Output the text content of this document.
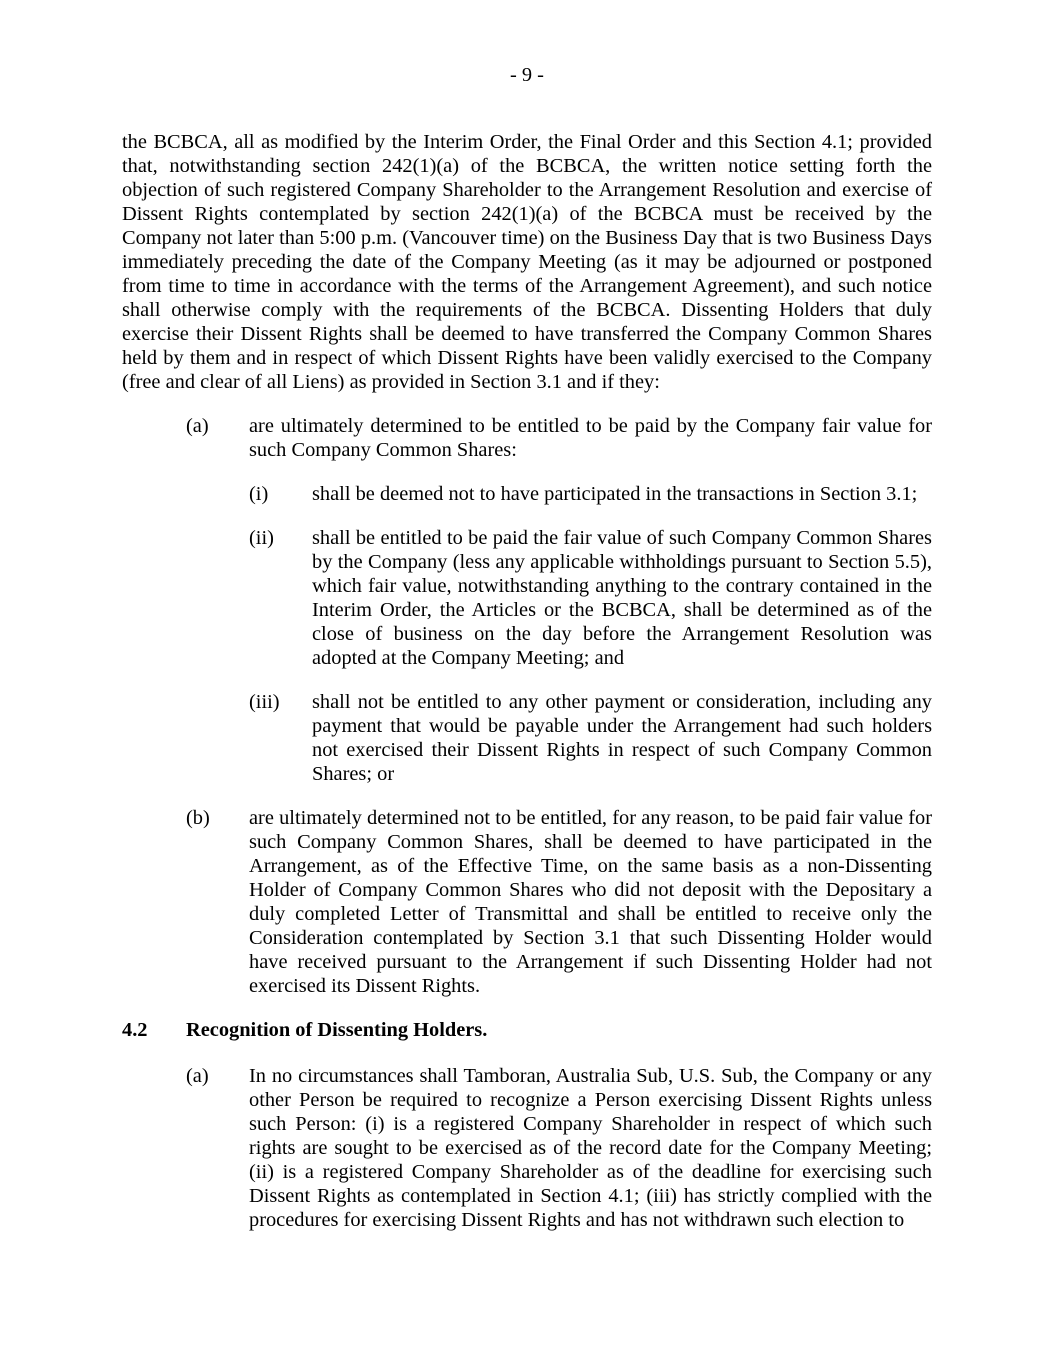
- 9 -

the BCBCA, all as modified by the Interim Order, the Final Order and this Section 4.1; provided that, notwithstanding section 242(1)(a) of the BCBCA, the written notice setting forth the objection of such registered Company Shareholder to the Arrangement Resolution and exercise of Dissent Rights contemplated by section 242(1)(a) of the BCBCA must be received by the Company not later than 5:00 p.m. (Vancouver time) on the Business Day that is two Business Days immediately preceding the date of the Company Meeting (as it may be adjourned or postponed from time to time in accordance with the terms of the Arrangement Agreement), and such notice shall otherwise comply with the requirements of the BCBCA. Dissenting Holders that duly exercise their Dissent Rights shall be deemed to have transferred the Company Common Shares held by them and in respect of which Dissent Rights have been validly exercised to the Company (free and clear of all Liens) as provided in Section 3.1 and if they:

(a) are ultimately determined to be entitled to be paid by the Company fair value for such Company Common Shares:
(i) shall be deemed not to have participated in the transactions in Section 3.1;
(ii) shall be entitled to be paid the fair value of such Company Common Shares by the Company (less any applicable withholdings pursuant to Section 5.5), which fair value, notwithstanding anything to the contrary contained in the Interim Order, the Articles or the BCBCA, shall be determined as of the close of business on the day before the Arrangement Resolution was adopted at the Company Meeting; and
(iii) shall not be entitled to any other payment or consideration, including any payment that would be payable under the Arrangement had such holders not exercised their Dissent Rights in respect of such Company Common Shares; or
(b) are ultimately determined not to be entitled, for any reason, to be paid fair value for such Company Common Shares, shall be deemed to have participated in the Arrangement, as of the Effective Time, on the same basis as a non-Dissenting Holder of Company Common Shares who did not deposit with the Depositary a duly completed Letter of Transmittal and shall be entitled to receive only the Consideration contemplated by Section 3.1 that such Dissenting Holder would have received pursuant to the Arrangement if such Dissenting Holder had not exercised its Dissent Rights.
4.2 Recognition of Dissenting Holders.
(a) In no circumstances shall Tamboran, Australia Sub, U.S. Sub, the Company or any other Person be required to recognize a Person exercising Dissent Rights unless such Person: (i) is a registered Company Shareholder in respect of which such rights are sought to be exercised as of the record date for the Company Meeting; (ii) is a registered Company Shareholder as of the deadline for exercising such Dissent Rights as contemplated in Section 4.1; (iii) has strictly complied with the procedures for exercising Dissent Rights and has not withdrawn such election to
